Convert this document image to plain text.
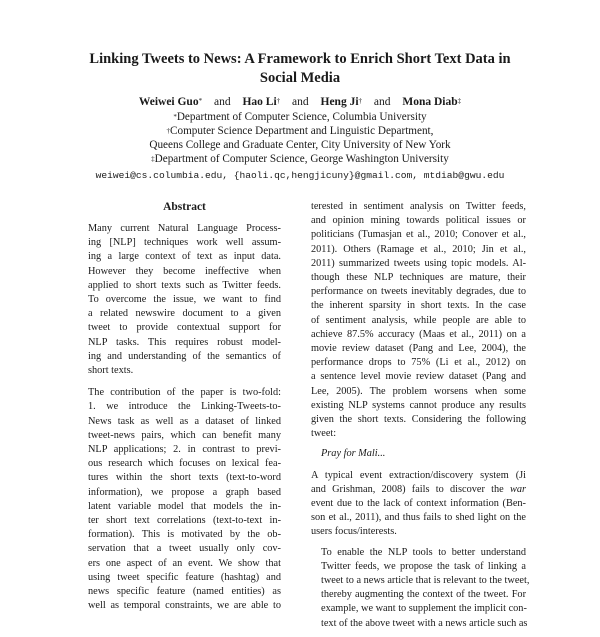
Linking Tweets to News: A Framework to Enrich Short Text Data in
Social Media
Weiwei Guo* and Hao Li† and Heng Ji† and Mona Diab‡
*Department of Computer Science, Columbia University
†Computer Science Department and Linguistic Department,
Queens College and Graduate Center, City University of New York
‡Department of Computer Science, George Washington University
weiwei@cs.columbia.edu, {haoli.qc,hengjicuny}@gmail.com, mtdiab@gwu.edu
Abstract
Many current Natural Language Process-
ing [NLP] techniques work well assum-
ing a large context of text as input data.
However they become ineffective when
applied to short texts such as Twitter feeds.
To overcome the issue, we want to find
a related newswire document to a given
tweet to provide contextual support for
NLP tasks. This requires robust model-
ing and understanding of the semantics of
short texts.
The contribution of the paper is two-fold:
1. we introduce the Linking-Tweets-to-
News task as well as a dataset of linked
tweet-news pairs, which can benefit many
NLP applications; 2. in contrast to previ-
ous research which focuses on lexical fea-
tures within the short texts (text-to-word
information), we propose a graph based
latent variable model that models the in-
ter short text correlations (text-to-text in-
formation). This is motivated by the ob-
servation that a tweet usually only cov-
ers one aspect of an event. We show that
using tweet specific feature (hashtag) and
news specific feature (named entities) as
well as temporal constraints, we are able to
terested in sentiment analysis on Twitter feeds,
and opinion mining towards political issues or
politicians (Tumasjan et al., 2010; Conover et al.,
2011). Others (Ramage et al., 2010; Jin et al.,
2011) summarized tweets using topic models. Al-
though these NLP techniques are mature, their
performance on tweets inevitably degrades, due to
the inherent sparsity in short texts. In the case
of sentiment analysis, while people are able to
achieve 87.5% accuracy (Maas et al., 2011) on a
movie review dataset (Pang and Lee, 2004), the
performance drops to 75% (Li et al., 2012) on
a sentence level movie review dataset (Pang and
Lee, 2005). The problem worsens when some
existing NLP systems cannot produce any results
given the short texts. Considering the following
tweet:
Pray for Mali...
A typical event extraction/discovery system (Ji
and Grishman, 2008) fails to discover the war
event due to the lack of context information (Ben-
son et al., 2011), and thus fails to shed light on the
users focus/interests.
To enable the NLP tools to better understand
Twitter feeds, we propose the task of linking a
tweet to a news article that is relevant to the tweet,
thereby augmenting the context of the tweet. For
example, we want to supplement the implicit con-
text of the above tweet with a news article such as
